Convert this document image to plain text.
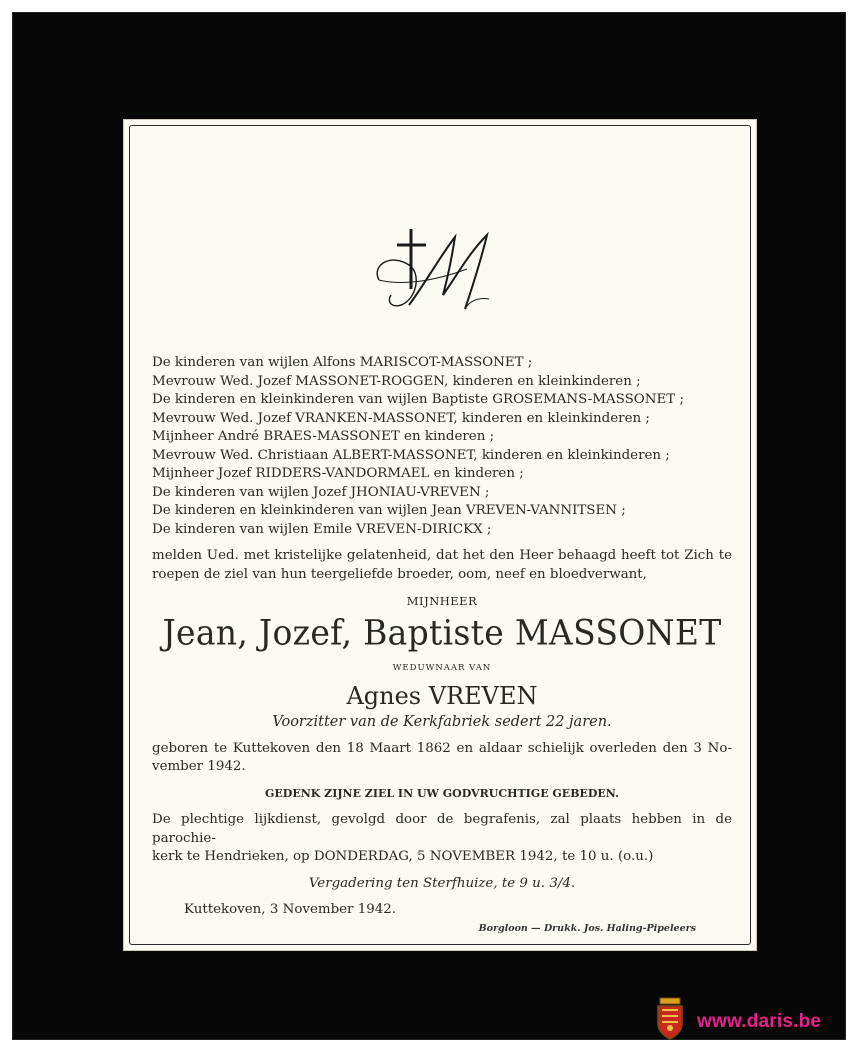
De kinderen van wijlen Alfons MARISCOT-MASSONET ;
Mevrouw Wed. Jozef MASSONET-ROGGEN, kinderen en kleinkinderen ;
De kinderen en kleinkinderen van wijlen Baptiste GROSEMANS-MASSONET ;
Mevrouw Wed. Jozef VRANKEN-MASSONET, kinderen en kleinkinderen ;
Mijnheer André BRAES-MASSONET en kinderen ;
Mevrouw Wed. Christiaan ALBERT-MASSONET, kinderen en kleinkinderen ;
Mijnheer Jozef RIDDERS-VANDORMAEL en kinderen ;
De kinderen van wijlen Jozef JHONIAU-VREVEN ;
De kinderen en kleinkinderen van wijlen Jean VREVEN-VANNITSEN ;
De kinderen van wijlen Emile VREVEN-DIRICKX ;
melden Ued. met kristelijke gelatenheid, dat het den Heer behaagd heeft tot Zich te
roepen de ziel van hun teergeliefde broeder, oom, neef en bloedverwant,
MIJNHEER
Jean, Jozef, Baptiste MASSONET
WEDUWNAAR VAN
Agnes VREVEN
Voorzitter van de Kerkfabriek sedert 22 jaren.
geboren te Kuttekoven den 18 Maart 1862 en aldaar schielijk overleden den 3 No-
vember 1942.
GEDENK ZIJNE ZIEL IN UW GODVRUCHTIGE GEBEDEN.
De plechtige lijkdienst, gevolgd door de begrafenis, zal plaats hebben in de parochie-
kerk te Hendrieken, op DONDERDAG, 5 NOVEMBER 1942, te 10 u. (o.u.)
Vergadering ten Sterfhuize, te 9 u. 3/4.
Kuttekoven, 3 November 1942.
Borgloon — Drukk. Jos. Haling-Pipeleers
www.daris.be
